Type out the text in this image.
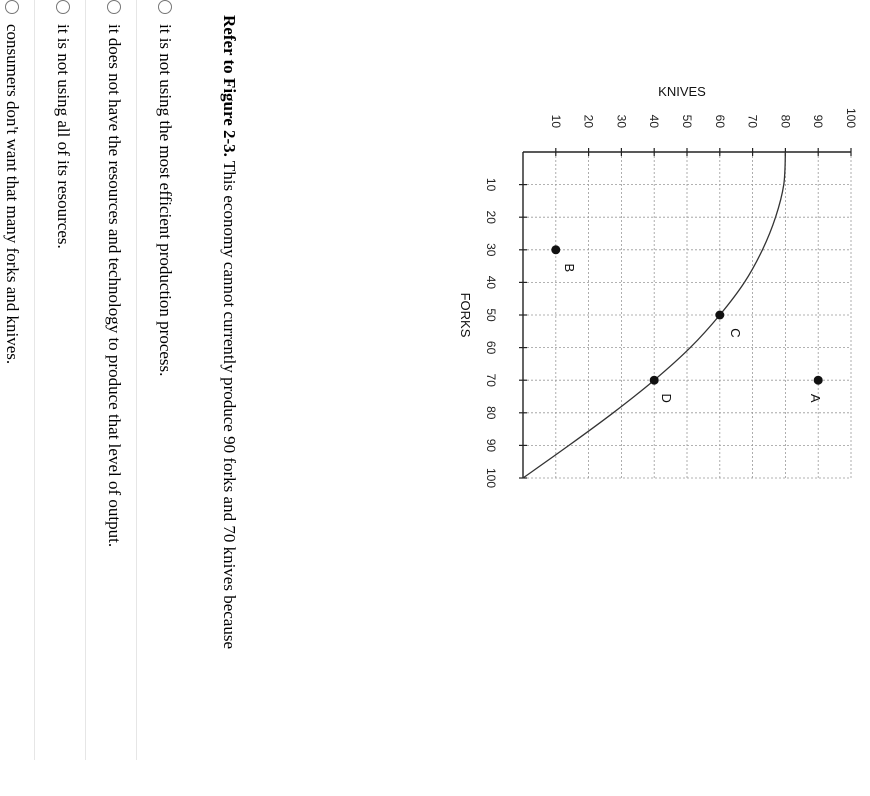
10 20 30 40 50 60 70 80 90 100
10
20
30
40
50
60
70
80
90
100
A
B
C
D
KNIVES
FORKS
Refer to Figure 2-3. This economy cannot currently produce 90 forks and 70 knives because
it is not using the most efficient production process.
it does not have the resources and technology to produce that level of output.
it is not using all of its resources.
consumers don't want that many forks and knives.
